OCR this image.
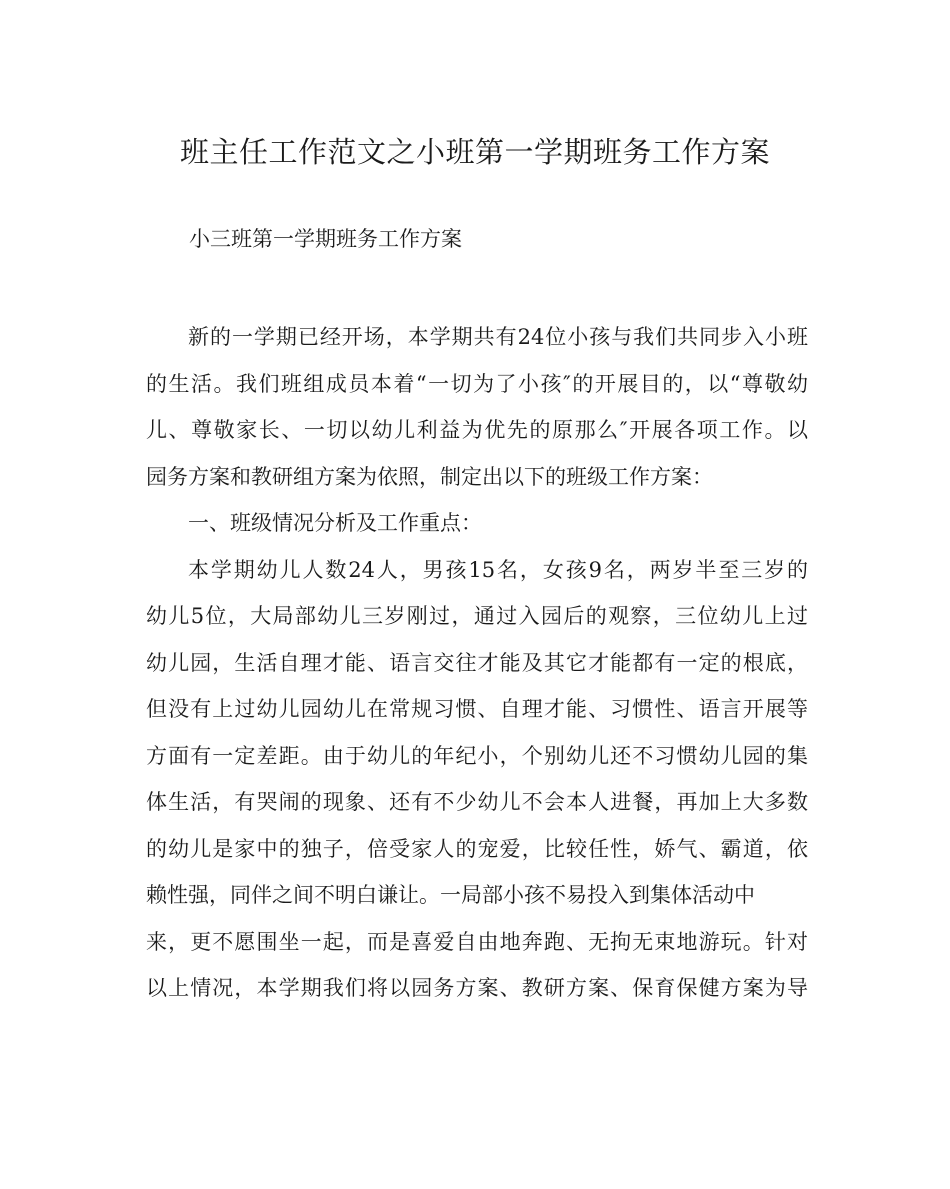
班主任工作范文之小班第一学期班务工作方案
小三班第一学期班务工作方案
新的一学期已经开场，本学期共有24位小孩与我们共同步入小班
的生活。我们班组成员本着“一切为了小孩″的开展目的，以“尊敬幼
儿、尊敬家长、一切以幼儿利益为优先的原那么″开展各项工作。以
园务方案和教研组方案为依照，制定出以下的班级工作方案：
一、班级情况分析及工作重点：
本学期幼儿人数24人，男孩15名，女孩9名，两岁半至三岁的
幼儿5位，大局部幼儿三岁刚过，通过入园后的观察，三位幼儿上过
幼儿园，生活自理才能、语言交往才能及其它才能都有一定的根底，
但没有上过幼儿园幼儿在常规习惯、自理才能、习惯性、语言开展等
方面有一定差距。由于幼儿的年纪小，个别幼儿还不习惯幼儿园的集
体生活，有哭闹的现象、还有不少幼儿不会本人进餐，再加上大多数
的幼儿是家中的独子，倍受家人的宠爱，比较任性，娇气、霸道，依
赖性强，同伴之间不明白谦让。一局部小孩不易投入到集体活动中
来，更不愿围坐一起，而是喜爱自由地奔跑、无拘无束地游玩。针对
以上情况，本学期我们将以园务方案、教研方案、保育保健方案为导
